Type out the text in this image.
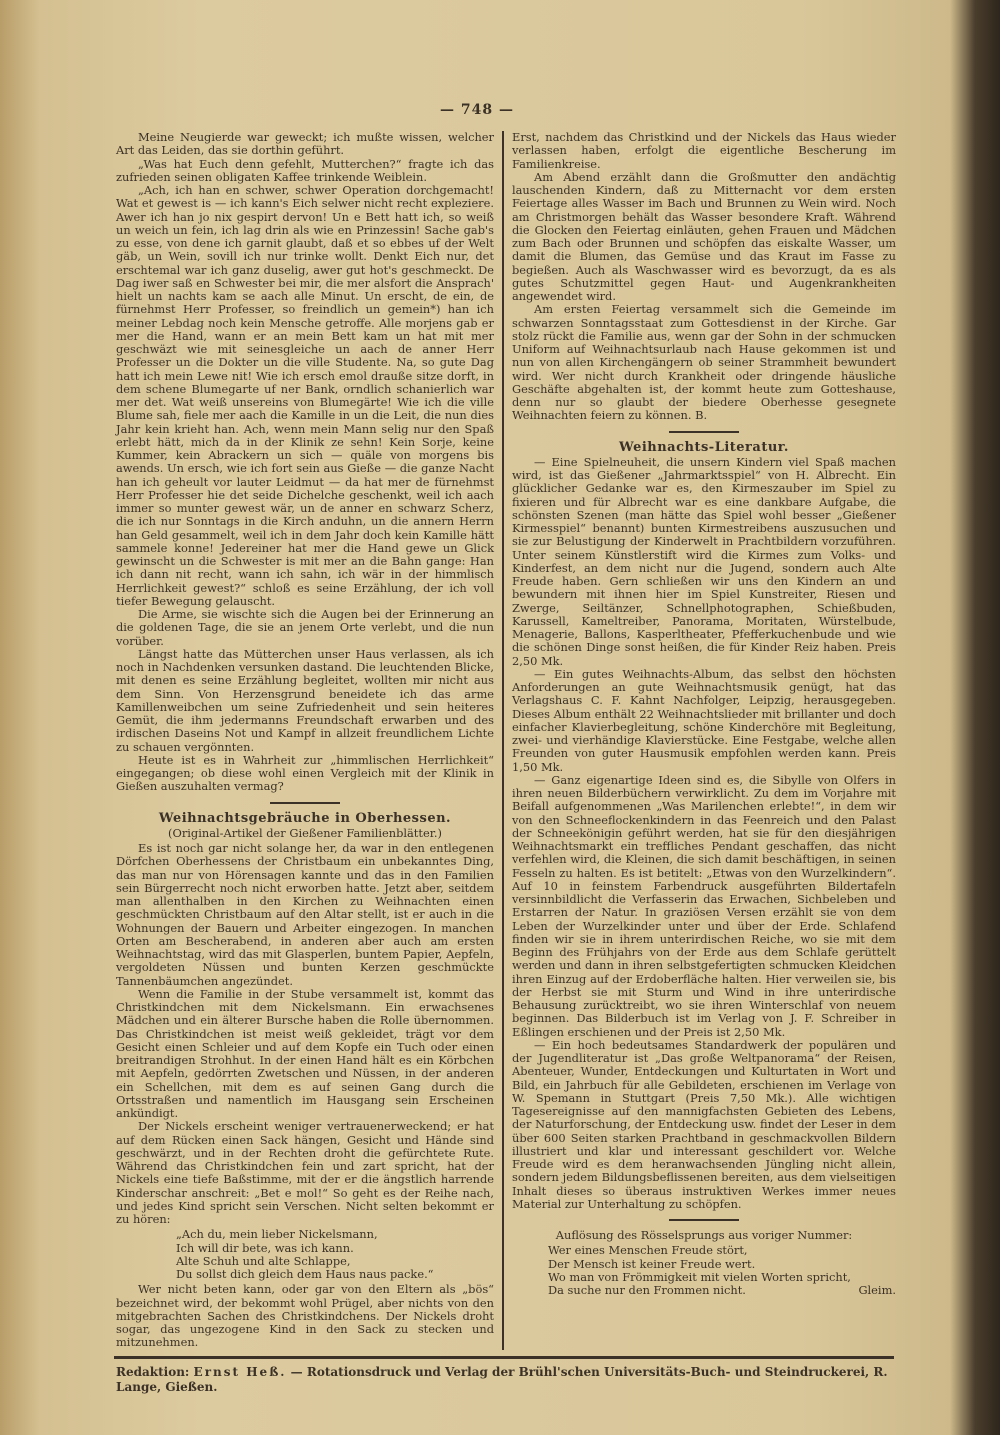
— 748 —

Meine Neugierde war geweckt; ich mußte wissen, welcher Art das Leiden, das sie dorthin geführt.

„Was hat Euch denn gefehlt, Mutterchen?“ fragte ich das zufrieden seinen obligaten Kaffee trinkende Weiblein.

„Ach, ich han en schwer, schwer Operation dorchgemacht! Wat et gewest is — ich kann's Eich selwer nicht recht explezierе. Awer ich han jo nix gespirt dervon! Un e Bett hatt ich, so weiß un weich un fein, ich lag drin als wie en Prinzessin! Sache gab's zu esse, von dene ich garnit glaubt, daß et so ebbes uf der Welt gäb, un Wein, sovill ich nur trinke wollt. Denkt Eich nur, det erschtemal war ich ganz duselig, awer gut hot's geschmeckt. De Dag iwer saß en Schwester bei mir, die mer alsfort die Ansprach' hielt un nachts kam se aach alle Minut. Un erscht, de ein, de fürnehmst Herr Professer, so freindlich un gemein*) han ich meiner Lebdag noch kein Mensche getroffe. Alle morjens gab er mer die Hand, wann er an mein Bett kam un hat mit mer geschwäzt wie mit seinesgleiche un aach de anner Herr Professer un die Dokter un die ville Studente. Na, so gute Dag hatt ich mein Lewe nit! Wie ich ersch emol drauße sitze dorft, in dem schene Blumegarte uf ner Bank, orndlich schanierlich war mer det. Wat weiß unsereins von Blumegärte! Wie ich die ville Blume sah, fiele mer aach die Kamille in un die Leit, die nun dies Jahr kein krieht han. Ach, wenn mein Mann selig nur den Spaß erlebt hätt, mich da in der Klinik ze sehn! Kein Sorje, keine Kummer, kein Abrackern un sich — quäle von morgens bis awends. Un ersch, wie ich fort sein aus Gieße — die ganze Nacht han ich geheult vor lauter Leidmut — da hat mer de fürnehmst Herr Professer hie det seide Dichelche geschenkt, weil ich aach immer so munter gewest wär, un de anner en schwarz Scherz, die ich nur Sonntags in die Kirch anduhn, un die annern Herrn han Geld gesammelt, weil ich in dem Jahr doch kein Kamille hätt sammele konne! Jedereiner hat mer die Hand gewe un Glick gewinscht un die Schwester is mit mer an die Bahn gange: Han ich dann nit recht, wann ich sahn, ich wär in der himmlisch Herrlichkeit gewest?“ schloß es seine Erzählung, der ich voll tiefer Bewegung gelauscht.

Die Arme, sie wischte sich die Augen bei der Erinnerung an die goldenen Tage, die sie an jenem Orte verlebt, und die nun vorüber.

Längst hatte das Mütterchen unser Haus verlassen, als ich noch in Nachdenken versunken dastand. Die leuchtenden Blicke, mit denen es seine Erzählung begleitet, wollten mir nicht aus dem Sinn. Von Herzensgrund beneidete ich das arme Kamillenweibchen um seine Zufriedenheit und sein heiteres Gemüt, die ihm jedermanns Freundschaft erwarben und des irdischen Daseins Not und Kampf in allzeit freundlichem Lichte zu schauen vergönnten.

Heute ist es in Wahrheit zur „himmlischen Herrlichkeit“ eingegangen; ob diese wohl einen Vergleich mit der Klinik in Gießen auszuhalten vermag?

Weihnachtsgebräuche in Oberhessen.
(Original-Artikel der Gießener Familienblätter.)

Es ist noch gar nicht solange her, da war in den entlegenen Dörfchen Oberhessens der Christbaum ein unbekanntes Ding, das man nur von Hörensagen kannte und das in den Familien sein Bürgerrecht noch nicht erworben hatte. Jetzt aber, seitdem man allenthalben in den Kirchen zu Weihnachten einen geschmückten Christbaum auf den Altar stellt, ist er auch in die Wohnungen der Bauern und Arbeiter eingezogen. In manchen Orten am Bescherabend, in anderen aber auch am ersten Weihnachtstag, wird das mit Glasperlen, buntem Papier, Aepfeln, vergoldeten Nüssen und bunten Kerzen geschmückte Tannenbäumchen angezündet.

Wenn die Familie in der Stube versammelt ist, kommt das Christkindchen mit dem Nickelsmann. Ein erwachsenes Mädchen und ein älterer Bursche haben die Rolle übernommen. Das Christkindchen ist meist weiß gekleidet, trägt vor dem Gesicht einen Schleier und auf dem Kopfe ein Tuch oder einen breitrandigen Strohhut. In der einen Hand hält es ein Körbchen mit Aepfeln, gedörrten Zwetschen und Nüssen, in der anderen ein Schellchen, mit dem es auf seinen Gang durch die Ortsstraßen und namentlich im Hausgang sein Erscheinen ankündigt.

Der Nickels erscheint weniger vertrauenerweckend; er hat auf dem Rücken einen Sack hängen, Gesicht und Hände sind geschwärzt, und in der Rechten droht die gefürchtete Rute. Während das Christkindchen fein und zart spricht, hat der Nickels eine tiefe Baßstimme, mit der er die ängstlich harrende Kinderschar anschreit: „Bet e mol!“ So geht es der Reihe nach, und jedes Kind spricht sein Verschen. Nicht selten bekommt er zu hören:

„Ach du, mein lieber Nickelsmann,
Ich will dir bete, was ich kann.
Alte Schuh und alte Schlappe,
Du sollst dich gleich dem Haus naus packe.“

Wer nicht beten kann, oder gar von den Eltern als „bös“ bezeichnet wird, der bekommt wohl Prügel, aber nichts von den mitgebrachten Sachen des Christkindchens. Der Nickels droht sogar, das ungezogene Kind in den Sack zu stecken und mitzunehmen.

Erst, nachdem das Christkind und der Nickels das Haus wieder verlassen haben, erfolgt die eigentliche Bescherung im Familienkreise.

Am Abend erzählt dann die Großmutter den andächtig lauschenden Kindern, daß zu Mitternacht vor dem ersten Feiertage alles Wasser im Bach und Brunnen zu Wein wird. Noch am Christmorgen behält das Wasser besondere Kraft. Während die Glocken den Feiertag einläuten, gehen Frauen und Mädchen zum Bach oder Brunnen und schöpfen das eiskalte Wasser, um damit die Blumen, das Gemüse und das Kraut im Fasse zu begießen. Auch als Waschwasser wird es bevorzugt, da es als gutes Schutzmittel gegen Haut- und Augenkrankheiten angewendet wird.

Am ersten Feiertag versammelt sich die Gemeinde im schwarzen Sonntagsstaat zum Gottesdienst in der Kirche. Gar stolz rückt die Familie aus, wenn gar der Sohn in der schmucken Uniform auf Weihnachtsurlaub nach Hause gekommen ist und nun von allen Kirchengängern ob seiner Strammheit bewundert wird. Wer nicht durch Krankheit oder dringende häusliche Geschäfte abgehalten ist, der kommt heute zum Gotteshause, denn nur so glaubt der biedere Oberhesse gesegnete Weihnachten feiern zu können. B.

Weihnachts-Literatur.

— Eine Spielneuheit, die unsern Kindern viel Spaß machen wird, ist das Gießener „Jahrmarktsspiel“ von H. Albrecht. Ein glücklicher Gedanke war es, den Kirmeszauber im Spiel zu fixieren und für Albrecht war es eine dankbare Aufgabe, die schönsten Szenen (man hätte das Spiel wohl besser „Gießener Kirmesspiel“ benannt) bunten Kirmestreibens auszusuchen und sie zur Belustigung der Kinderwelt in Prachtbildern vorzuführen. Unter seinem Künstlerstift wird die Kirmes zum Volks- und Kinderfest, an dem nicht nur die Jugend, sondern auch Alte Freude haben. Gern schließen wir uns den Kindern an und bewundern mit ihnen hier im Spiel Kunstreiter, Riesen und Zwerge, Seiltänzer, Schnellphotographen, Schießbuden, Karussell, Kameltreiber, Panorama, Moritaten, Würstelbude, Menagerie, Ballons, Kasperltheater, Pfefferkuchenbude und wie die schönen Dinge sonst heißen, die für Kinder Reiz haben. Preis 2,50 Mk.

— Ein gutes Weihnachts-Album, das selbst den höchsten Anforderungen an gute Weihnachtsmusik genügt, hat das Verlagshaus C. F. Kahnt Nachfolger, Leipzig, herausgegeben. Dieses Album enthält 22 Weihnachtslieder mit brillanter und doch einfacher Klavierbegleitung, schöne Kinderchöre mit Begleitung, zwei- und vierhändige Klavierstücke. Eine Festgabe, welche allen Freunden von guter Hausmusik empfohlen werden kann. Preis 1,50 Mk.

— Ganz eigenartige Ideen sind es, die Sibylle von Olfers in ihren neuen Bilderbüchern verwirklicht. Zu dem im Vorjahre mit Beifall aufgenommenen „Was Marilenchen erlebte!“, in dem wir von den Schneeflockenkindern in das Feenreich und den Palast der Schneekönigin geführt werden, hat sie für den diesjährigen Weihnachtsmarkt ein treffliches Pendant geschaffen, das nicht verfehlen wird, die Kleinen, die sich damit beschäftigen, in seinen Fesseln zu halten. Es ist betitelt: „Etwas von den Wurzelkindern“. Auf 10 in feinstem Farbendruck ausgeführten Bildertafeln versinnbildlicht die Verfasserin das Erwachen, Sichbeleben und Erstarren der Natur. In graziösen Versen erzählt sie von dem Leben der Wurzelkinder unter und über der Erde. Schlafend finden wir sie in ihrem unterirdischen Reiche, wo sie mit dem Beginn des Frühjahrs von der Erde aus dem Schlafe gerüttelt werden und dann in ihren selbstgefertigten schmucken Kleidchen ihren Einzug auf der Erdoberfläche halten. Hier verweilen sie, bis der Herbst sie mit Sturm und Wind in ihre unterirdische Behausung zurücktreibt, wo sie ihren Winterschlaf von neuem beginnen. Das Bilderbuch ist im Verlag von J. F. Schreiber in Eßlingen erschienen und der Preis ist 2,50 Mk.

— Ein hoch bedeutsames Standardwerk der populären und der Jugendliteratur ist „Das große Weltpanorama“ der Reisen, Abenteuer, Wunder, Entdeckungen und Kulturtaten in Wort und Bild, ein Jahrbuch für alle Gebildeten, erschienen im Verlage von W. Spemann in Stuttgart (Preis 7,50 Mk.). Alle wichtigen Tagesereignisse auf den mannigfachsten Gebieten des Lebens, der Naturforschung, der Entdeckung usw. findet der Leser in dem über 600 Seiten starken Prachtband in geschmackvollen Bildern illustriert und klar und interessant geschildert vor. Welche Freude wird es dem heranwachsenden Jüngling nicht allein, sondern jedem Bildungsbeflissenen bereiten, aus dem vielseitigen Inhalt dieses so überaus instruktiven Werkes immer neues Material zur Unterhaltung zu schöpfen.

Auflösung des Rösselsprungs aus voriger Nummer:
Wer eines Menschen Freude stört,
Der Mensch ist keiner Freude wert.
Wo man von Frömmigkeit mit vielen Worten spricht,
Da suche nur den Frommen nicht.	Gleim.
Redaktion: Ernst Heß. — Rotationsdruck und Verlag der Brühl'schen Universitäts-Buch- und Steindruckerei, R. Lange, Gießen.
